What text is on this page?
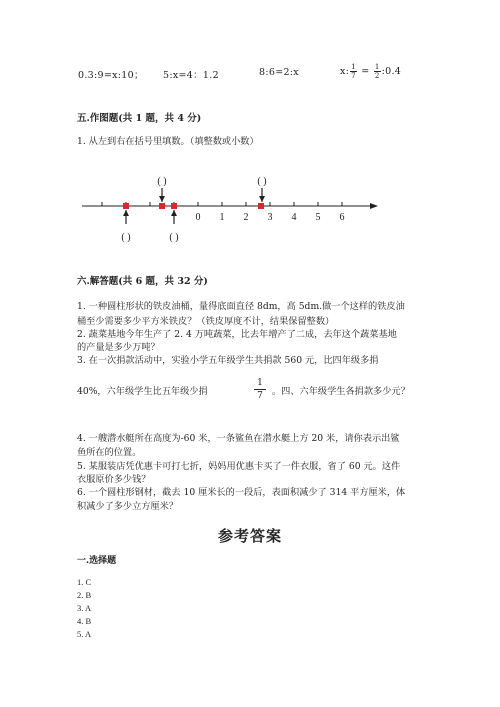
0.3:9=x:10； 5:x=4：1.2	8:6=2:x	x: $\frac{1}{7} = \frac{1}{2}$ :0.4
五.作图题(共 1 题，共 4 分)
1. 从左到右在括号里填数。（填整数或小数）
0 1 2 3 4 5 6
( )	( )
( )	( )
六.解答题(共 6 题，共 32 分)
1. 一种圆柱形状的铁皮油桶，量得底面直径 8dm，高 5dm.做一个这样的铁皮油
桶至少需要多少平方米铁皮？（铁皮厚度不计，结果保留整数）
2. 蔬菜基地今年生产了 2. 4 万吨蔬菜，比去年增产了二成，去年这个蔬菜基地
的产量是多少万吨？
3. 在一次捐款活动中，实验小学五年级学生共捐款 560 元，比四年级多捐
40%，六年级学生比五年级少捐	$\frac{1}{7}$ 。四、六年级学生各捐款多少元？
4. 一艘潜水艇所在高度为-60 米，一条鲨鱼在潜水艇上方 20 米，请你表示出鲨
鱼所在的位置。
5. 某服装店凭优惠卡可打七折，妈妈用优惠卡买了一件衣服，省了 60 元。这件
衣服原价多少钱？
6. 一个圆柱形钢材，截去 10 厘米长的一段后，表面积减少了 314 平方厘米，体
积减少了多少立方厘米？
参考答案
一.选择题
1. C
2. B
3. A
4. B
5. A
